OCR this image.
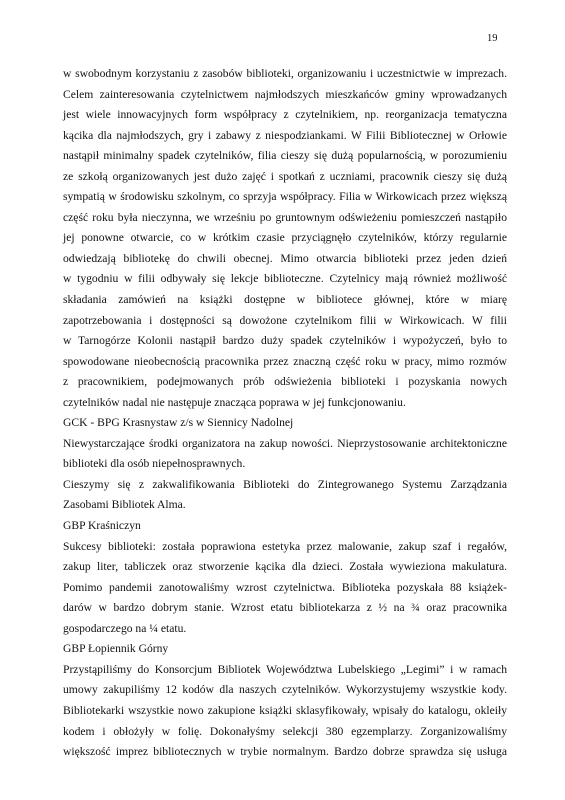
19
w swobodnym korzystaniu z zasobów biblioteki, organizowaniu i uczestnictwie w imprezach.
Celem zainteresowania czytelnictwem najmłodszych mieszkańców gminy wprowadzanych
jest wiele innowacyjnych form współpracy z czytelnikiem, np. reorganizacja tematyczna
kącika dla najmłodszych, gry i zabawy z niespodziankami. W Filii Bibliotecznej w Orłowie
nastąpił minimalny spadek czytelników, filia cieszy się dużą popularnością, w porozumieniu
ze szkołą organizowanych jest dużo zajęć i spotkań z uczniami, pracownik cieszy się dużą
sympatią w środowisku szkolnym, co sprzyja współpracy. Filia w Wirkowicach przez większą
część roku była nieczynna, we wrześniu po gruntownym odświeżeniu pomieszczeń nastąpiło
jej ponowne otwarcie, co w krótkim czasie przyciągnęło czytelników, którzy regularnie
odwiedzają bibliotekę do chwili obecnej. Mimo otwarcia biblioteki przez jeden dzień
w tygodniu w filii odbywały się lekcje biblioteczne. Czytelnicy mają również możliwość
składania zamówień na książki dostępne w bibliotece głównej, które w miarę
zapotrzebowania i dostępności są dowożone czytelnikom filii w Wirkowicach. W filii
w Tarnogórze Kolonii nastąpił bardzo duży spadek czytelników i wypożyczeń, było to
spowodowane nieobecnością pracownika przez znaczną część roku w pracy, mimo rozmów
z pracownikiem, podejmowanych prób odświeżenia biblioteki i pozyskania nowych
czytelników nadal nie następuje znacząca poprawa w jej funkcjonowaniu.
GCK - BPG Krasnystaw z/s w Siennicy Nadolnej
Niewystarczające środki organizatora na zakup nowości. Nieprzystosowanie architektoniczne
biblioteki dla osób niepełnosprawnych.
Cieszymy się z zakwalifikowania Biblioteki do Zintegrowanego Systemu Zarządzania
Zasobami Bibliotek Alma.
GBP Kraśniczyn
Sukcesy biblioteki: została poprawiona estetyka przez malowanie, zakup szaf i regałów,
zakup liter, tabliczek oraz stworzenie kącika dla dzieci. Została wywieziona makulatura.
Pomimo pandemii zanotowaliśmy wzrost czytelnictwa. Biblioteka pozyskała 88 książek-
darów w bardzo dobrym stanie. Wzrost etatu bibliotekarza z ½ na ¾ oraz pracownika
gospodarczego na ¼ etatu.
GBP Łopiennik Górny
Przystąpiliśmy do Konsorcjum Bibliotek Województwa Lubelskiego „Legimi” i w ramach
umowy zakupiliśmy 12 kodów dla naszych czytelników. Wykorzystujemy wszystkie kody.
Bibliotekarki wszystkie nowo zakupione książki sklasyfikowały, wpisały do katalogu, okleiły
kodem i obłożyły w folię. Dokonałyśmy selekcji 380 egzemplarzy. Zorganizowaliśmy
większość imprez bibliotecznych w trybie normalnym. Bardzo dobrze sprawdza się usługa
